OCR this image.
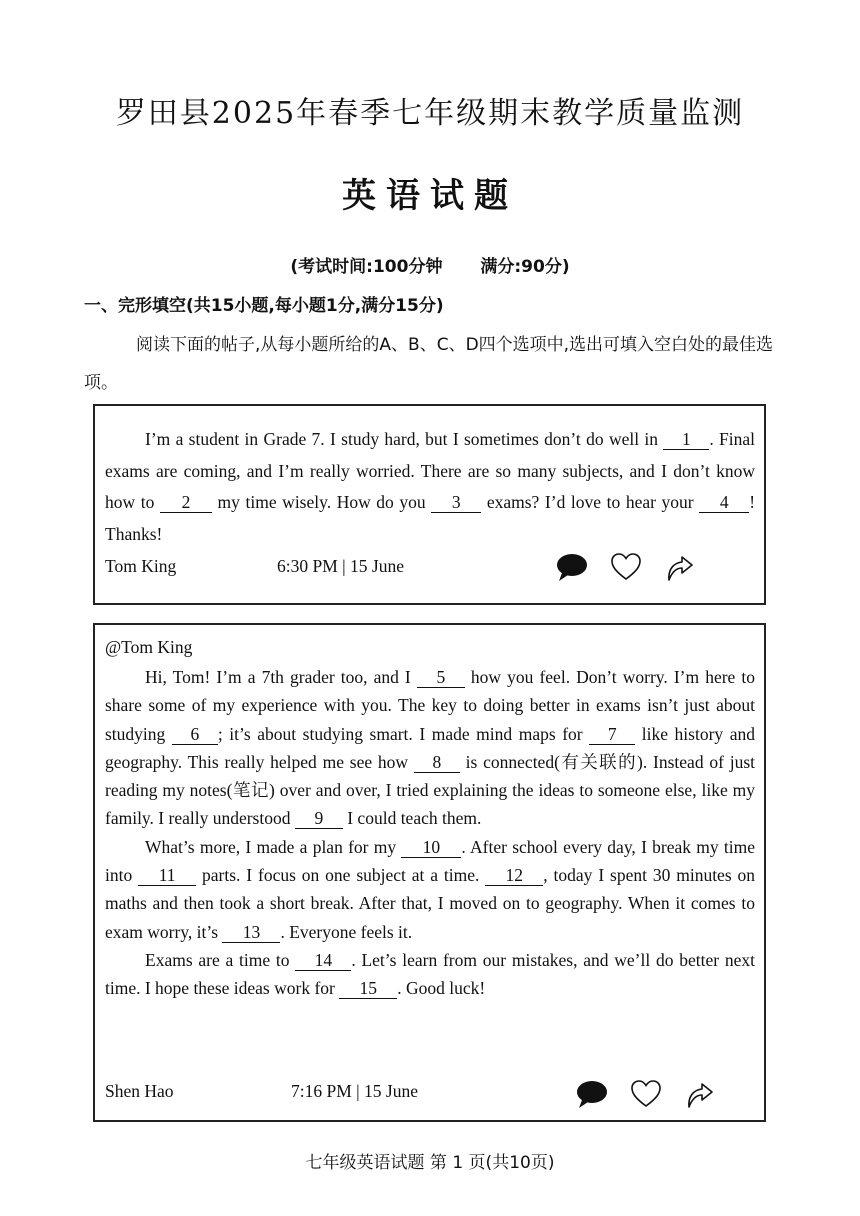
罗田县2025年春季七年级期末教学质量监测
英语试题
(考试时间:100分钟 满分:90分)
一、完形填空(共15小题,每小题1分,满分15分)
阅读下面的帖子,从每小题所给的A、B、C、D四个选项中,选出可填入空白处的最佳选项。

I’m a student in Grade 7. I study hard, but I sometimes don’t do well in 1 . Final exams are coming, and I’m really worried. There are so many subjects, and I don’t know how to 2 my time wisely. How do you 3 exams? I’d love to hear your 4 ! Thanks!

Tom King	6:30 PM | 15 June
@Tom King

Hi, Tom! I’m a 7th grader too, and I 5 how you feel. Don’t worry. I’m here to share some of my experience with you. The key to doing better in exams isn’t just about studying 6 ; it’s about studying smart. I made mind maps for 7 like history and geography. This really helped me see how 8 is connected(有关联的). Instead of just reading my notes(笔记) over and over, I tried explaining the ideas to someone else, like my family. I really understood 9 I could teach them.

What’s more, I made a plan for my 10 . After school every day, I break my time into 11 parts. I focus on one subject at a time. 12 , today I spent 30 minutes on maths and then took a short break. After that, I moved on to geography. When it comes to exam worry, it’s 13 . Everyone feels it.

Exams are a time to 14 . Let’s learn from our mistakes, and we’ll do better next time. I hope these ideas work for 15 . Good luck!

Shen Hao	7:16 PM | 15 June
七年级英语试题 第 1 页(共10页)
